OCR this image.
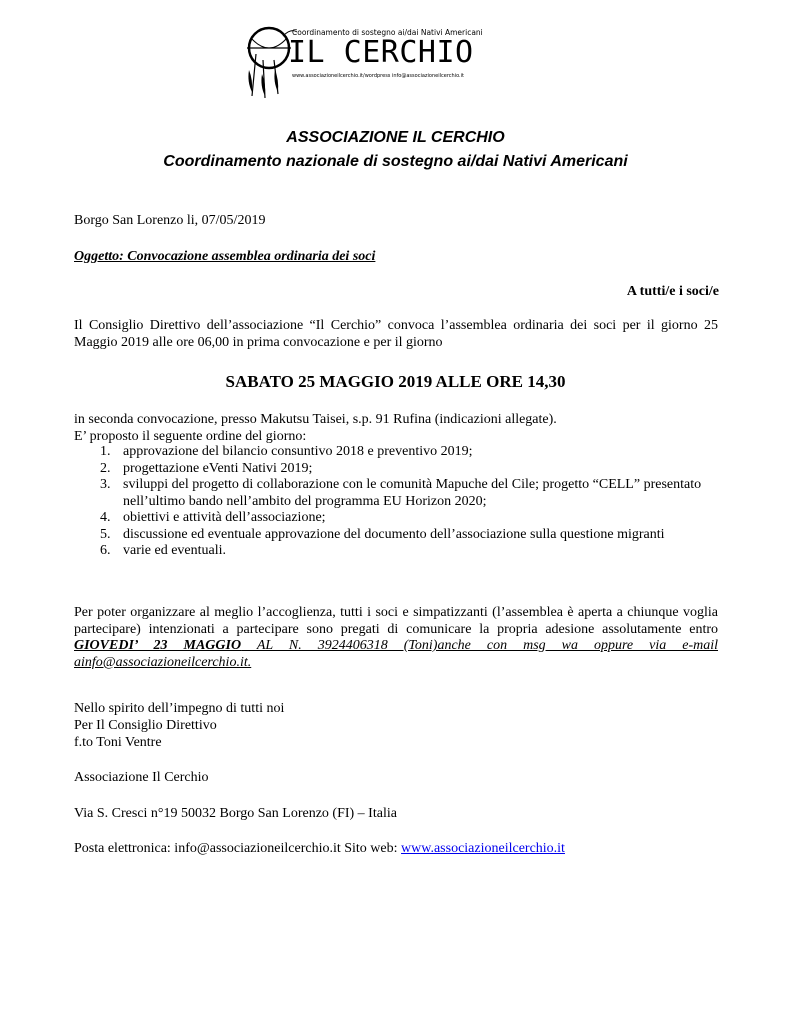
Coordinamento di sostegno ai/dai Nativi Americani
IL CERCHIO
www.associazioneilcerchio.it/wordpress info@associazioneilcerchio.it
ASSOCIAZIONE IL CERCHIO
Coordinamento nazionale di sostegno ai/dai Nativi Americani
Borgo San Lorenzo li, 07/05/2019
Oggetto: Convocazione assemblea ordinaria dei soci
A tutti/e i soci/e
Il Consiglio Direttivo dell’associazione “Il Cerchio” convoca l’assemblea ordinaria dei soci per il giorno 25 Maggio 2019 alle ore 06,00 in prima convocazione e per il giorno
SABATO 25 MAGGIO 2019 ALLE ORE 14,30
in seconda convocazione, presso Makutsu Taisei, s.p. 91 Rufina (indicazioni allegate).
E’ proposto il seguente ordine del giorno:
1. approvazione del bilancio consuntivo 2018 e preventivo 2019;
2. progettazione eVenti Nativi 2019;
3. sviluppi del progetto di collaborazione con le comunità Mapuche del Cile; progetto “CELL” presentato nell’ultimo bando nell’ambito del programma EU Horizon 2020;
4. obiettivi e attività dell’associazione;
5. discussione ed eventuale approvazione del documento dell’associazione sulla questione migranti
6. varie ed eventuali.
Per poter organizzare al meglio l’accoglienza, tutti i soci e simpatizzanti (l’assemblea è aperta a chiunque voglia partecipare) intenzionati a partecipare sono pregati di comunicare la propria adesione assolutamente entro GIOVEDI’ 23 MAGGIO AL N. 3924406318 (Toni)anche con msg wa oppure via e-mail ainfo@associazioneilcerchio.it.
Nello spirito dell’impegno di tutti noi
Per Il Consiglio Direttivo
f.to Toni Ventre
Associazione Il Cerchio
Via S. Cresci n°19 50032 Borgo San Lorenzo (FI) – Italia
Posta elettronica: info@associazioneilcerchio.it Sito web: www.associazioneilcerchio.it
